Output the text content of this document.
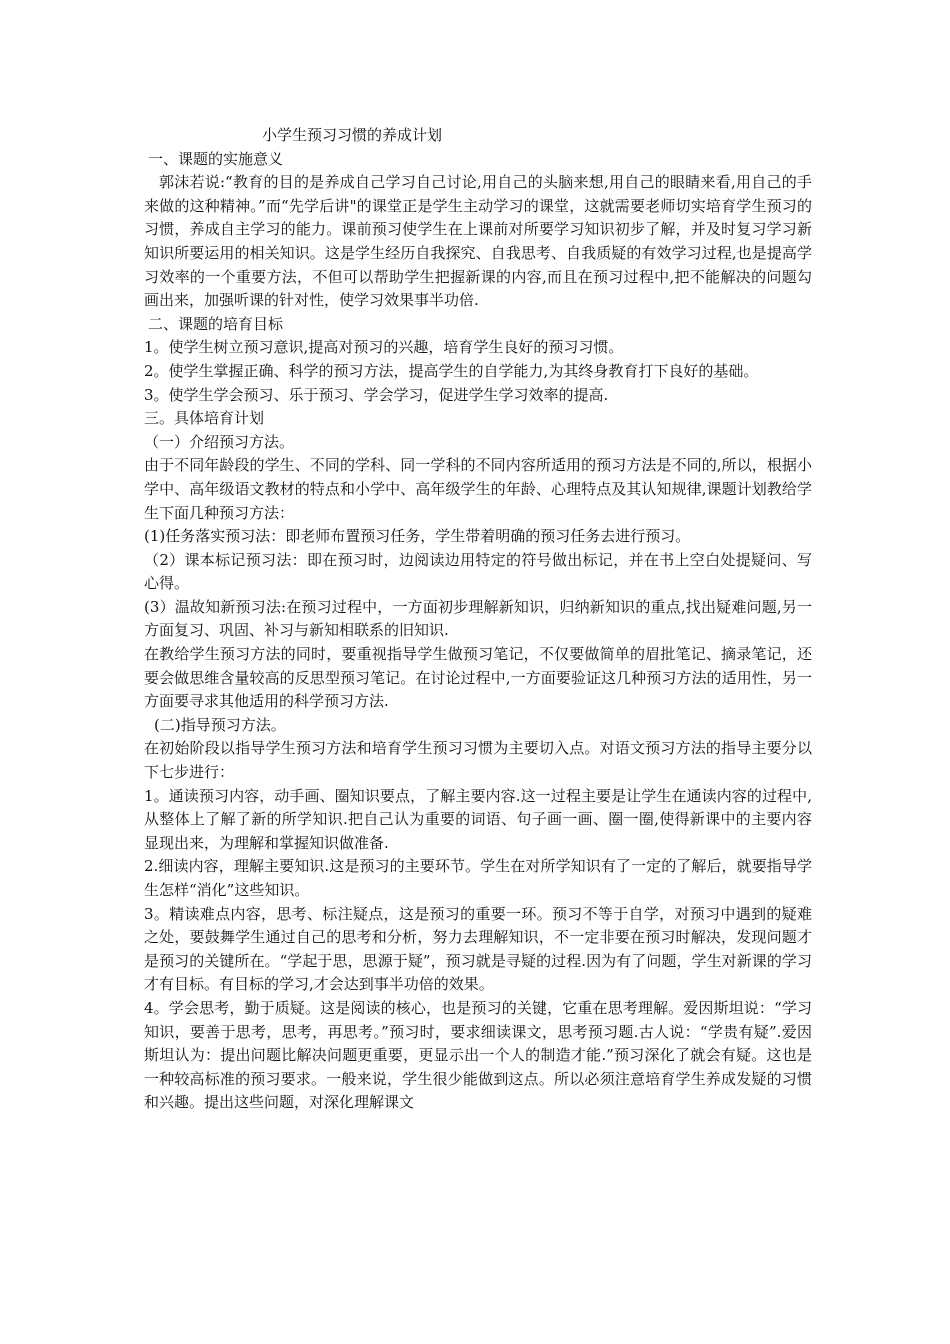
小学生预习习惯的养成计划

一、课题的实施意义

郭沫若说:“教育的目的是养成自己学习自己讨论,用自己的头脑来想,用自己的眼睛来看,用自己的手来做的这种精神。”而“先学后讲"的课堂正是学生主动学习的课堂，这就需要老师切实培育学生预习的习惯，养成自主学习的能力。课前预习使学生在上课前对所要学习知识初步了解，并及时复习学习新知识所要运用的相关知识。这是学生经历自我探究、自我思考、自我质疑的有效学习过程,也是提高学习效率的一个重要方法，不但可以帮助学生把握新课的内容,而且在预习过程中,把不能解决的问题勾画出来，加强听课的针对性，使学习效果事半功倍.

二、课题的培育目标

1。使学生树立预习意识,提高对预习的兴趣，培育学生良好的预习习惯。

2。使学生掌握正确、科学的预习方法，提高学生的自学能力,为其终身教育打下良好的基础。

3。使学生学会预习、乐于预习、学会学习，促进学生学习效率的提高.

三。具体培育计划

（一）介绍预习方法。

由于不同年龄段的学生、不同的学科、同一学科的不同内容所适用的预习方法是不同的,所以，根据小学中、高年级语文教材的特点和小学中、高年级学生的年龄、心理特点及其认知规律,课题计划教给学生下面几种预习方法：

(1)任务落实预习法：即老师布置预习任务，学生带着明确的预习任务去进行预习。

（2）课本标记预习法：即在预习时，边阅读边用特定的符号做出标记，并在书上空白处提疑问、写心得。

(3）温故知新预习法:在预习过程中，一方面初步理解新知识，归纳新知识的重点,找出疑难问题,另一方面复习、巩固、补习与新知相联系的旧知识.

在教给学生预习方法的同时，要重视指导学生做预习笔记，不仅要做简单的眉批笔记、摘录笔记，还要会做思维含量较高的反思型预习笔记。在讨论过程中,一方面要验证这几种预习方法的适用性，另一方面要寻求其他适用的科学预习方法.

(二)指导预习方法。

在初始阶段以指导学生预习方法和培育学生预习习惯为主要切入点。对语文预习方法的指导主要分以下七步进行：

1。通读预习内容，动手画、圈知识要点，了解主要内容.这一过程主要是让学生在通读内容的过程中,从整体上了解了新的所学知识.把自己认为重要的词语、句子画一画、圈一圈,使得新课中的主要内容显现出来，为理解和掌握知识做准备.

2.细读内容，理解主要知识.这是预习的主要环节。学生在对所学知识有了一定的了解后，就要指导学生怎样“消化”这些知识。

3。精读难点内容，思考、标注疑点，这是预习的重要一环。预习不等于自学，对预习中遇到的疑难之处，要鼓舞学生通过自己的思考和分析，努力去理解知识，不一定非要在预习时解决，发现问题才是预习的关键所在。“学起于思，思源于疑”，预习就是寻疑的过程.因为有了问题，学生对新课的学习才有目标。有目标的学习,才会达到事半功倍的效果。

4。学会思考，勤于质疑。这是阅读的核心，也是预习的关键，它重在思考理解。爱因斯坦说：“学习知识，要善于思考，思考，再思考。”预习时，要求细读课文，思考预习题.古人说：“学贵有疑”.爱因斯坦认为：提出问题比解决问题更重要，更显示出一个人的制造才能.”预习深化了就会有疑。这也是一种较高标准的预习要求。一般来说，学生很少能做到这点。所以必须注意培育学生养成发疑的习惯和兴趣。提出这些问题，对深化理解课文
